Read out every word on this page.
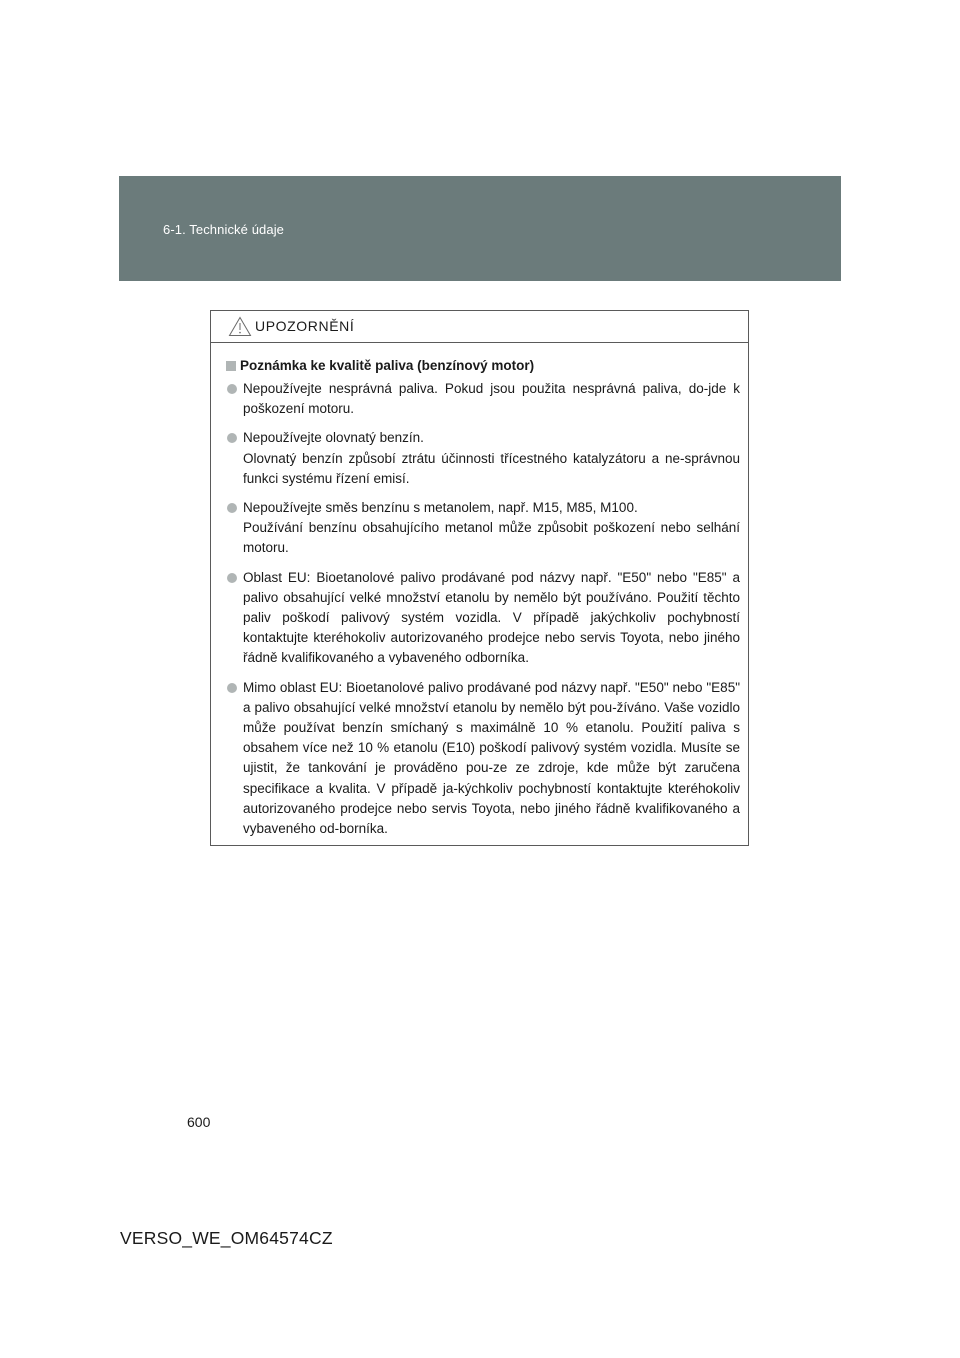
6-1. Technické údaje
UPOZORNĚNÍ
Poznámka ke kvalitě paliva (benzínový motor)
Nepoužívejte nesprávná paliva. Pokud jsou použita nesprávná paliva, do-jde k poškození motoru.
Nepoužívejte olovnatý benzín.
Olovnatý benzín způsobí ztrátu účinnosti třícestného katalyzátoru a ne-správnou funkci systému řízení emisí.
Nepoužívejte směs benzínu s metanolem, např. M15, M85, M100.
Používání benzínu obsahujícího metanol může způsobit poškození nebo selhání motoru.
Oblast EU: Bioetanolové palivo prodávané pod názvy např. "E50" nebo "E85" a palivo obsahující velké množství etanolu by nemělo být používáno. Použití těchto paliv poškodí palivový systém vozidla. V případě jakýchkoliv pochybností kontaktujte kteréhokoliv autorizovaného prodejce nebo servis Toyota, nebo jiného řádně kvalifikovaného a vybaveného odborníka.
Mimo oblast EU: Bioetanolové palivo prodávané pod názvy např. "E50" nebo "E85" a palivo obsahující velké množství etanolu by nemělo být pou-žíváno. Vaše vozidlo může používat benzín smíchaný s maximálně 10 % etanolu. Použití paliva s obsahem více než 10 % etanolu (E10) poškodí palivový systém vozidla. Musíte se ujistit, že tankování je prováděno pou-ze ze zdroje, kde může být zaručena specifikace a kvalita. V případě ja-kýchkoliv pochybností kontaktujte kteréhokoliv autorizovaného prodejce nebo servis Toyota, nebo jiného řádně kvalifikovaného a vybaveného od-borníka.
600
VERSO_WE_OM64574CZ
